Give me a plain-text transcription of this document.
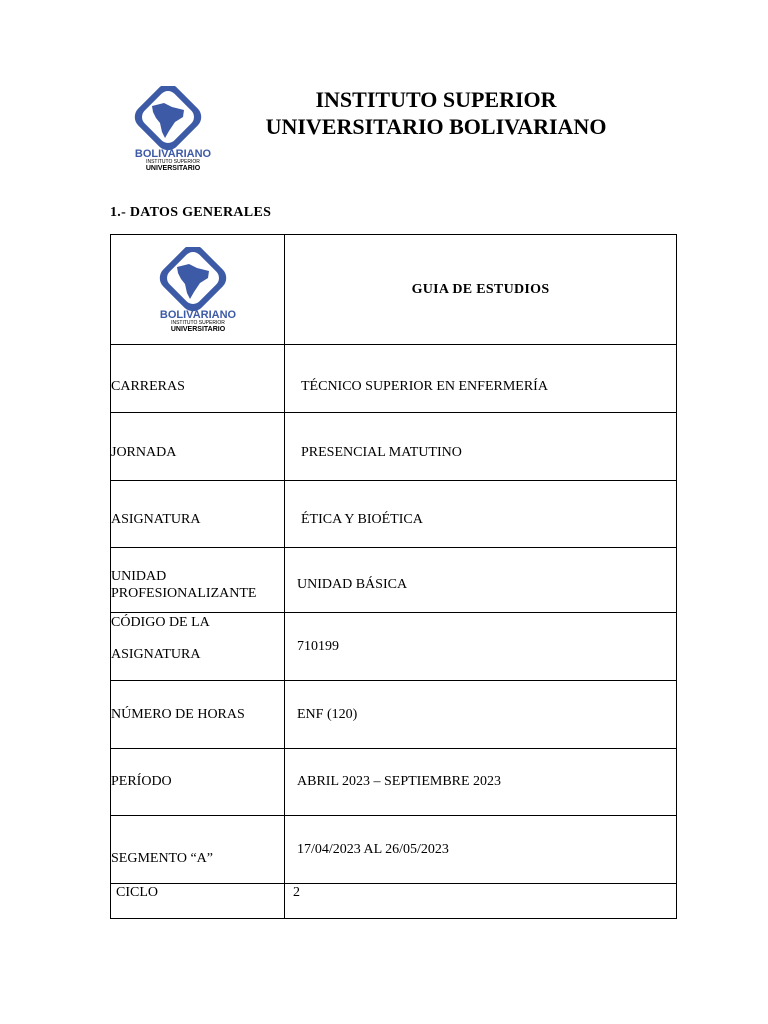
BOLIVARIANO
INSTITUTO SUPERIOR
UNIVERSITARIO
INSTITUTO SUPERIOR
UNIVERSITARIO BOLIVARIANO
1.- DATOS GENERALES
BOLIVARIANO
INSTITUTO SUPERIOR
UNIVERSITARIO	GUIA DE ESTUDIOS
CARRERAS	TÉCNICO SUPERIOR EN ENFERMERÍA
JORNADA	PRESENCIAL MATUTINO
ASIGNATURA	ÉTICA Y BIOÉTICA

UNIDAD
PROFESIONALIZANTE	UNIDAD BÁSICA

CÓDIGO DE LA
ASIGNATURA	710199
NÚMERO DE HORAS	ENF (120)
PERÍODO	ABRIL 2023 – SEPTIEMBRE 2023
SEGMENTO “A”	17/04/2023 AL 26/05/2023
CICLO	2
